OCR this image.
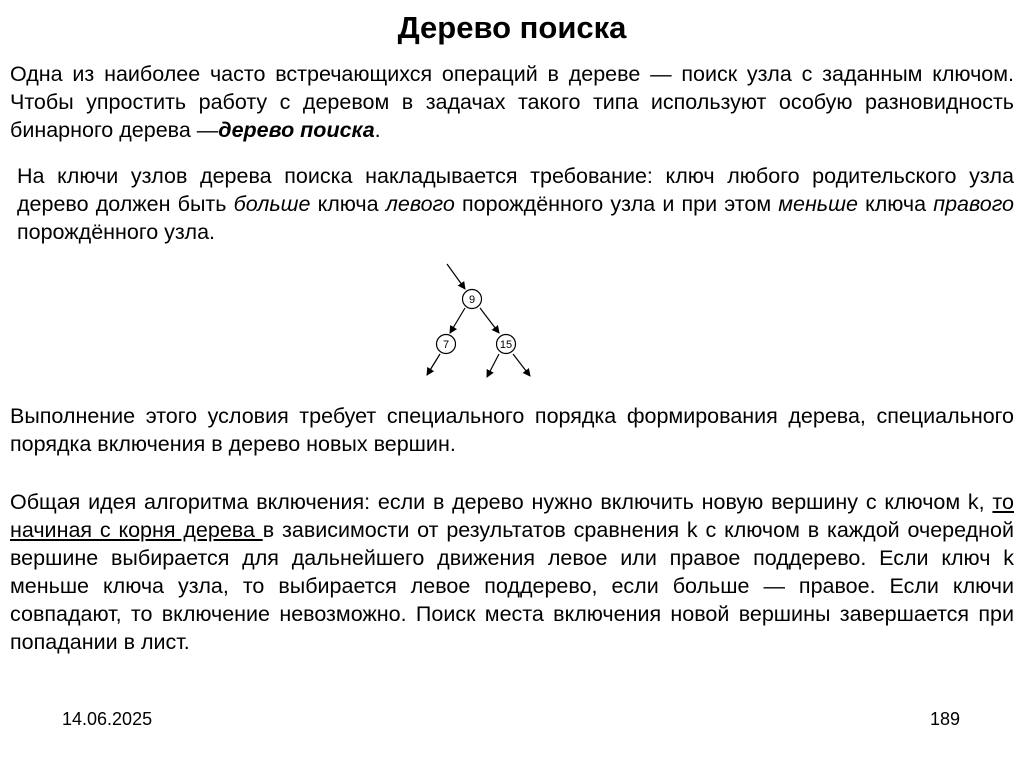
Дерево поиска

Одна из наиболее часто встречающихся операций в дереве — поиск узла с заданным ключом. Чтобы упростить работу с деревом в задачах такого типа используют особую разновидность бинарного дерева —дерево поиска.

На ключи узлов дерева поиска накладывается требование: ключ любого родительского узла дерево должен быть больше ключа левого порождённого узла и при этом меньше ключа правого порождённого узла.

9
7	15

Выполнение этого условия требует специального порядка формирования дерева, специального порядка включения в дерево новых вершин.

Общая идея алгоритма включения: если в дерево нужно включить новую вершину с ключом k, то начиная с корня дерева в зависимости от результатов сравнения k с ключом в каждой очередной вершине выбирается для дальнейшего движения левое или правое поддерево. Если ключ k меньше ключа узла, то выбирается левое поддерево, если больше — правое. Если ключи совпадают, то включение невозможно. Поиск места включения новой вершины завершается при попадании в лист.

14.06.2025	189
